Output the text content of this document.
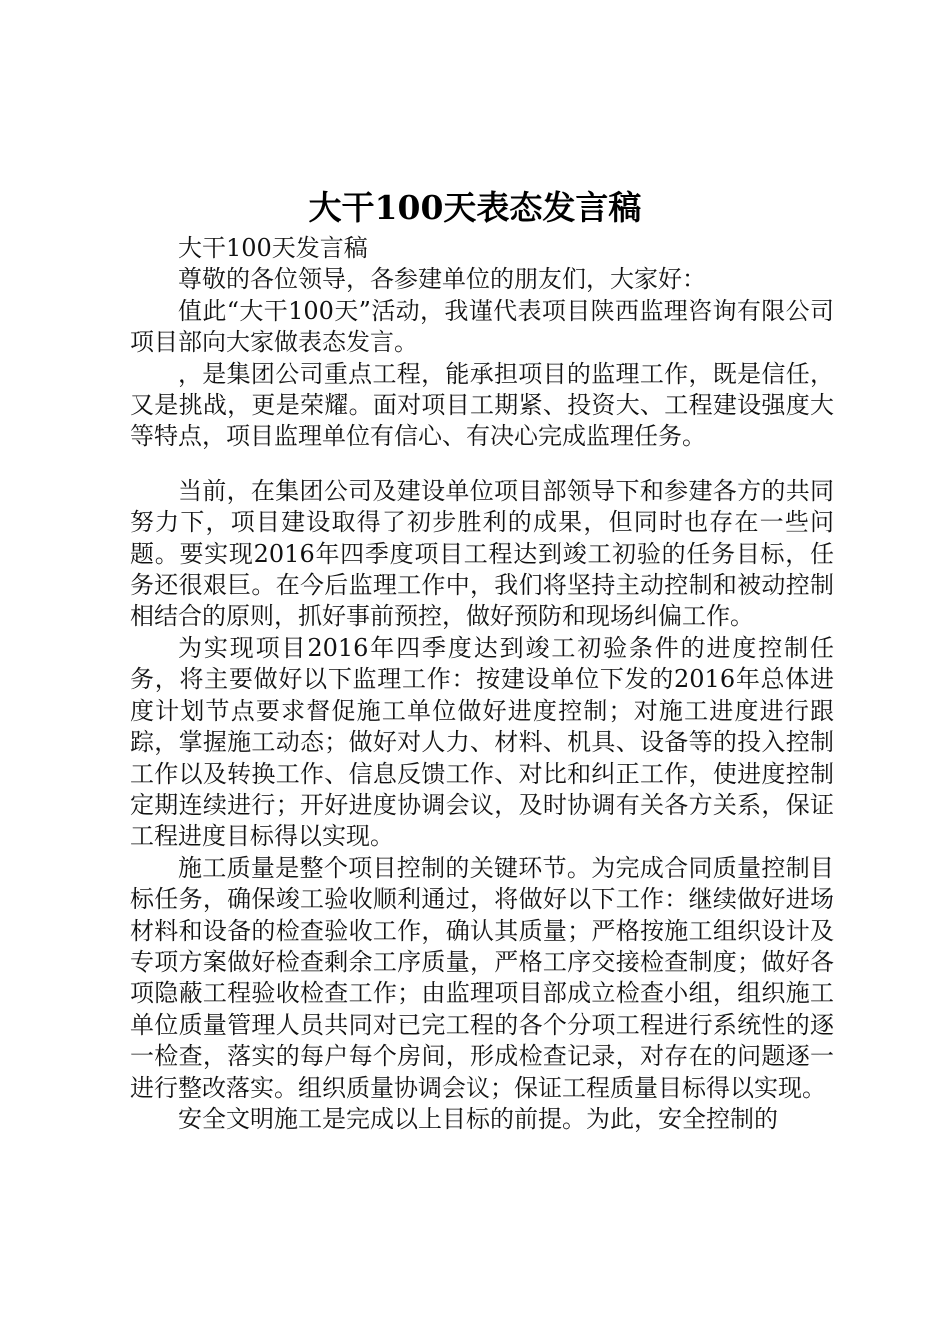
大干100天表态发言稿

大干100天发言稿

尊敬的各位领导，各参建单位的朋友们，大家好：

值此“大干100天”活动，我谨代表项目陕西监理咨询有限公司项目部向大家做表态发言。

，是集团公司重点工程，能承担项目的监理工作，既是信任，又是挑战，更是荣耀。面对项目工期紧、投资大、工程建设强度大等特点，项目监理单位有信心、有决心完成监理任务。

当前，在集团公司及建设单位项目部领导下和参建各方的共同努力下，项目建设取得了初步胜利的成果，但同时也存在一些问题。要实现2016年四季度项目工程达到竣工初验的任务目标，任务还很艰巨。在今后监理工作中，我们将坚持主动控制和被动控制相结合的原则，抓好事前预控，做好预防和现场纠偏工作。

为实现项目2016年四季度达到竣工初验条件的进度控制任务，将主要做好以下监理工作：按建设单位下发的2016年总体进度计划节点要求督促施工单位做好进度控制；对施工进度进行跟踪，掌握施工动态；做好对人力、材料、机具、设备等的投入控制工作以及转换工作、信息反馈工作、对比和纠正工作，使进度控制定期连续进行；开好进度协调会议，及时协调有关各方关系，保证工程进度目标得以实现。

施工质量是整个项目控制的关键环节。为完成合同质量控制目标任务，确保竣工验收顺利通过，将做好以下工作：继续做好进场材料和设备的检查验收工作，确认其质量；严格按施工组织设计及专项方案做好检查剩余工序质量，严格工序交接检查制度；做好各项隐蔽工程验收检查工作；由监理项目部成立检查小组，组织施工单位质量管理人员共同对已完工程的各个分项工程进行系统性的逐一检查，落实的每户每个房间，形成检查记录，对存在的问题逐一进行整改落实。组织质量协调会议；保证工程质量目标得以实现。

安全文明施工是完成以上目标的前提。为此，安全控制的
